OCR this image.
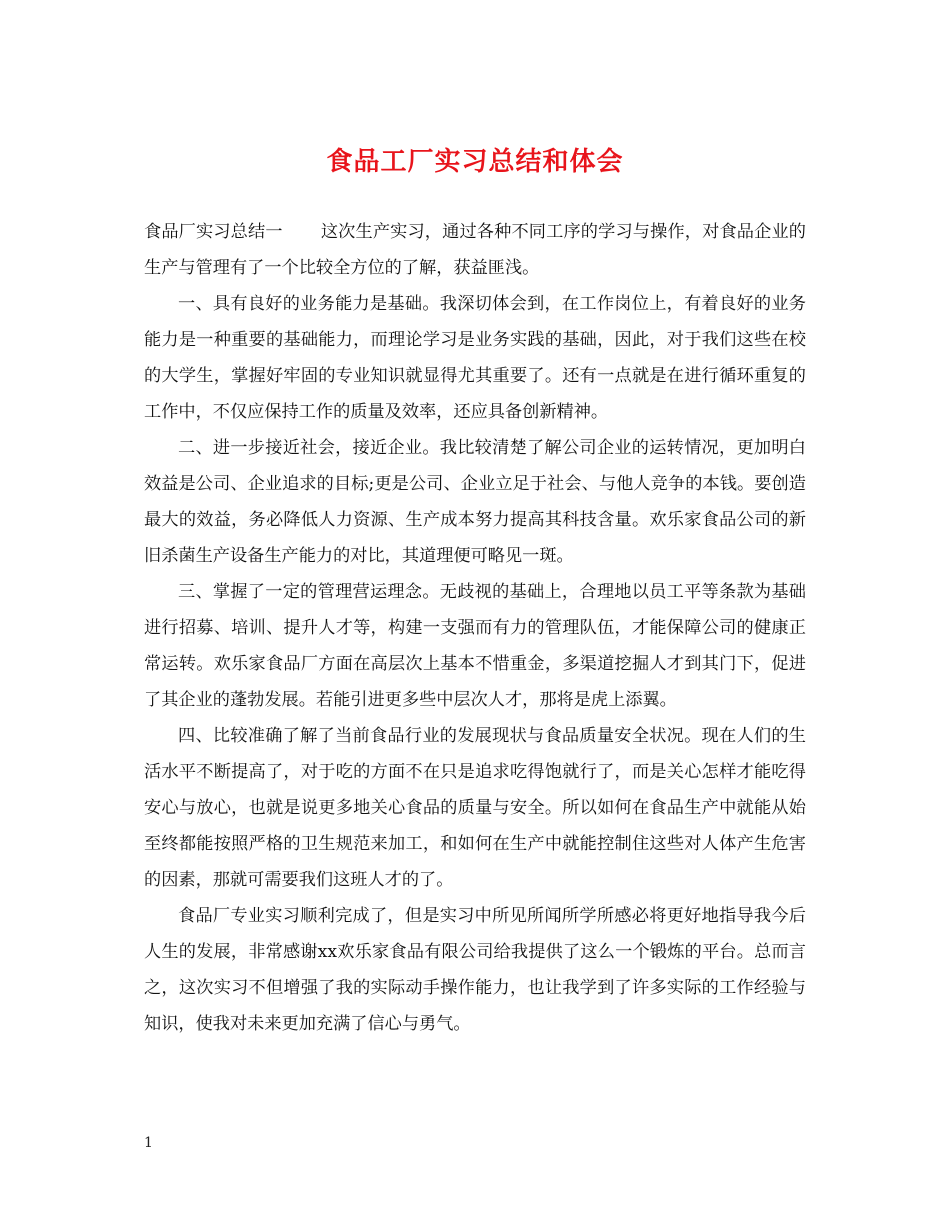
食品工厂实习总结和体会

食品厂实习总结一 这次生产实习，通过各种不同工序的学习与操作，对食品企业的生产与管理有了一个比较全方位的了解，获益匪浅。

一、具有良好的业务能力是基础。我深切体会到，在工作岗位上，有着良好的业务能力是一种重要的基础能力，而理论学习是业务实践的基础，因此，对于我们这些在校的大学生，掌握好牢固的专业知识就显得尤其重要了。还有一点就是在进行循环重复的工作中，不仅应保持工作的质量及效率，还应具备创新精神。

二、进一步接近社会，接近企业。我比较清楚了解公司企业的运转情况，更加明白效益是公司、企业追求的目标;更是公司、企业立足于社会、与他人竞争的本钱。要创造最大的效益，务必降低人力资源、生产成本努力提高其科技含量。欢乐家食品公司的新旧杀菌生产设备生产能力的对比，其道理便可略见一斑。

三、掌握了一定的管理营运理念。无歧视的基础上，合理地以员工平等条款为基础进行招募、培训、提升人才等，构建一支强而有力的管理队伍，才能保障公司的健康正常运转。欢乐家食品厂方面在高层次上基本不惜重金，多渠道挖掘人才到其门下，促进了其企业的蓬勃发展。若能引进更多些中层次人才，那将是虎上添翼。

四、比较准确了解了当前食品行业的发展现状与食品质量安全状况。现在人们的生活水平不断提高了，对于吃的方面不在只是追求吃得饱就行了，而是关心怎样才能吃得安心与放心，也就是说更多地关心食品的质量与安全。所以如何在食品生产中就能从始至终都能按照严格的卫生规范来加工，和如何在生产中就能控制住这些对人体产生危害的因素，那就可需要我们这班人才的了。

食品厂专业实习顺利完成了，但是实习中所见所闻所学所感必将更好地指导我今后人生的发展，非常感谢xx欢乐家食品有限公司给我提供了这么一个锻炼的平台。总而言之，这次实习不但增强了我的实际动手操作能力，也让我学到了许多实际的工作经验与知识，使我对未来更加充满了信心与勇气。

1
